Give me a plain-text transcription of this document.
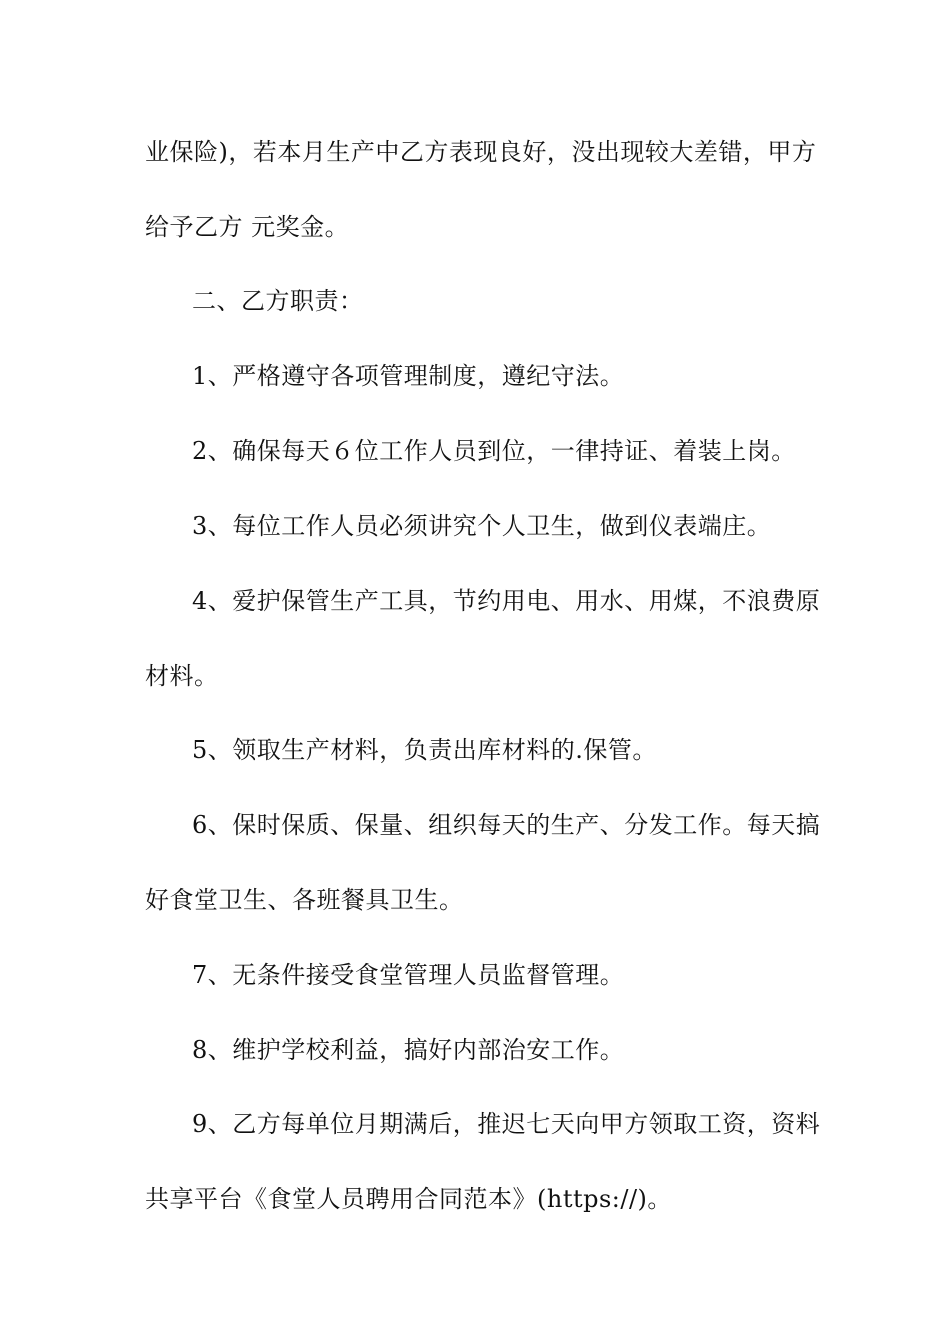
业保险)，若本月生产中乙方表现良好，没出现较大差错，甲方
给予乙方 元奖金。
二、乙方职责：
1、严格遵守各项管理制度，遵纪守法。
2、确保每天６位工作人员到位，一律持证、着装上岗。
3、每位工作人员必须讲究个人卫生，做到仪表端庄。
4、爱护保管生产工具，节约用电、用水、用煤，不浪费原
材料。
5、领取生产材料，负责出库材料的.保管。
6、保时保质、保量、组织每天的生产、分发工作。每天搞
好食堂卫生、各班餐具卫生。
7、无条件接受食堂管理人员监督管理。
8、维护学校利益，搞好内部治安工作。
9、乙方每单位月期满后，推迟七天向甲方领取工资，资料
共享平台《食堂人员聘用合同范本》(https://)。
